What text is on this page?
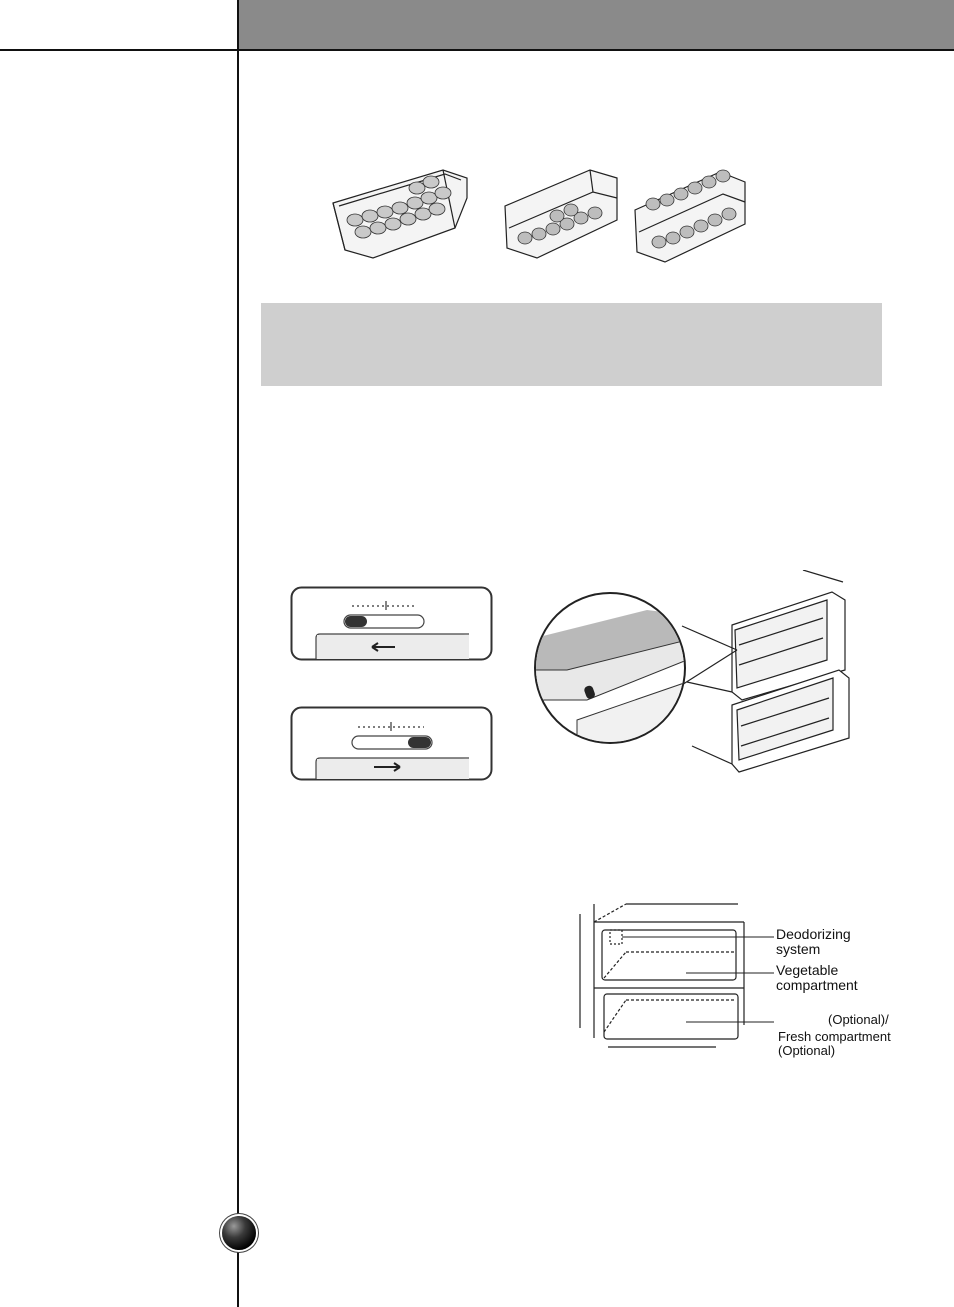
Deodorizing
system
Vegetable
compartment
(Optional)/
Fresh compartment
(Optional)
